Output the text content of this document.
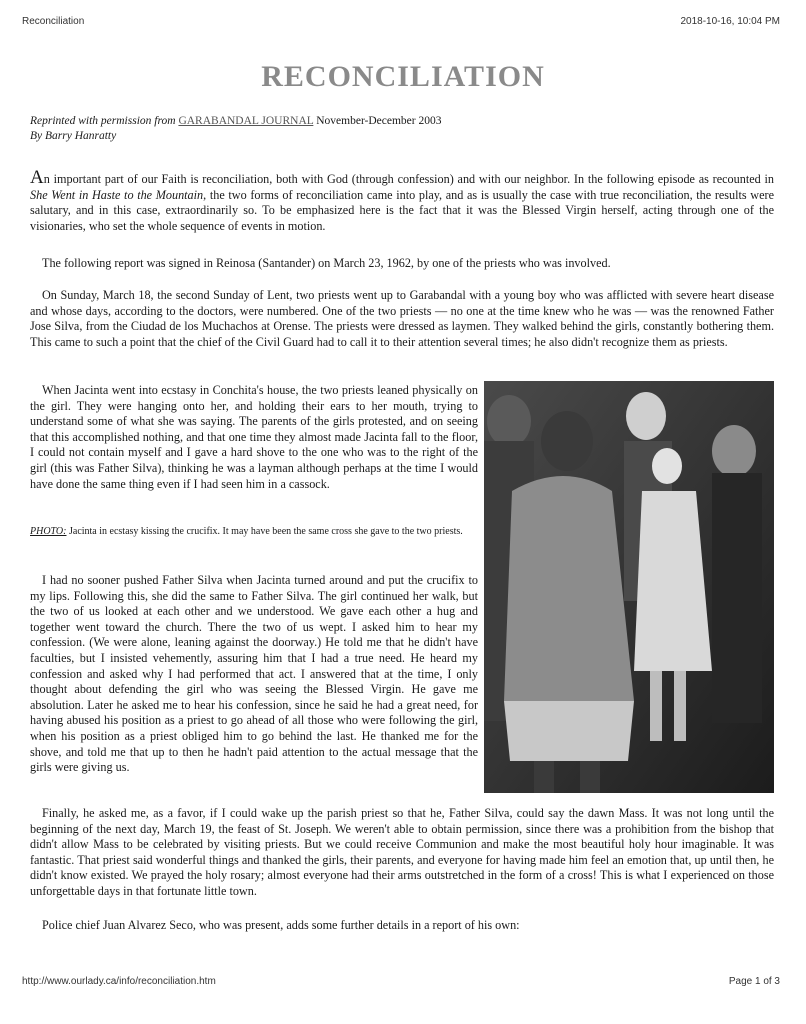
Reconciliation	2018-10-16, 10:04 PM
RECONCILIATION
Reprinted with permission from GARABANDAL JOURNAL November-December 2003
By Barry Hanratty

An important part of our Faith is reconciliation, both with God (through confession) and with our neighbor. In the following episode as recounted in She Went in Haste to the Mountain, the two forms of reconciliation came into play, and as is usually the case with true reconciliation, the results were salutary, and in this case, extraordinarily so. To be emphasized here is the fact that it was the Blessed Virgin herself, acting through one of the visionaries, who set the whole sequence of events in motion.

The following report was signed in Reinosa (Santander) on March 23, 1962, by one of the priests who was involved.

On Sunday, March 18, the second Sunday of Lent, two priests went up to Garabandal with a young boy who was afflicted with severe heart disease and whose days, according to the doctors, were numbered. One of the two priests — no one at the time knew who he was — was the renowned Father Jose Silva, from the Ciudad de los Muchachos at Orense. The priests were dressed as laymen. They walked behind the girls, constantly bothering them. This came to such a point that the chief of the Civil Guard had to call it to their attention several times; he also didn't recognize them as priests.

When Jacinta went into ecstasy in Conchita's house, the two priests leaned physically on the girl. They were hanging onto her, and holding their ears to her mouth, trying to understand some of what she was saying. The parents of the girls protested, and on seeing that this accomplished nothing, and that one time they almost made Jacinta fall to the floor, I could not contain myself and I gave a hard shove to the one who was to the right of the girl (this was Father Silva), thinking he was a layman although perhaps at the time I would have done the same thing even if I had seen him in a cassock.

PHOTO: Jacinta in ecstasy kissing the crucifix. It may have been the same cross she gave to the two priests.

I had no sooner pushed Father Silva when Jacinta turned around and put the crucifix to my lips. Following this, she did the same to Father Silva. The girl continued her walk, but the two of us looked at each other and we understood. We gave each other a hug and together went toward the church. There the two of us wept. I asked him to hear my confession. (We were alone, leaning against the doorway.) He told me that he didn't have faculties, but I insisted vehemently, assuring him that I had a true need. He heard my confession and asked why I had performed that act. I answered that at the time, I only thought about defending the girl who was seeing the Blessed Virgin. He gave me absolution. Later he asked me to hear his confession, since he said he had a great need, for having abused his position as a priest to go ahead of all those who were following the girl, when his position as a priest obliged him to go behind the last. He thanked me for the shove, and told me that up to then he hadn't paid attention to the actual message that the girls were giving us.

Finally, he asked me, as a favor, if I could wake up the parish priest so that he, Father Silva, could say the dawn Mass. It was not long until the beginning of the next day, March 19, the feast of St. Joseph. We weren't able to obtain permission, since there was a prohibition from the bishop that didn't allow Mass to be celebrated by visiting priests. But we could receive Communion and make the most beautiful holy hour imaginable. It was fantastic. That priest said wonderful things and thanked the girls, their parents, and everyone for having made him feel an emotion that, up until then, he didn't know existed. We prayed the holy rosary; almost everyone had their arms outstretched in the form of a cross! This is what I experienced on those unforgettable days in that fortunate little town.

Police chief Juan Alvarez Seco, who was present, adds some further details in a report of his own:

http://www.ourlady.ca/info/reconciliation.htm	Page 1 of 3
